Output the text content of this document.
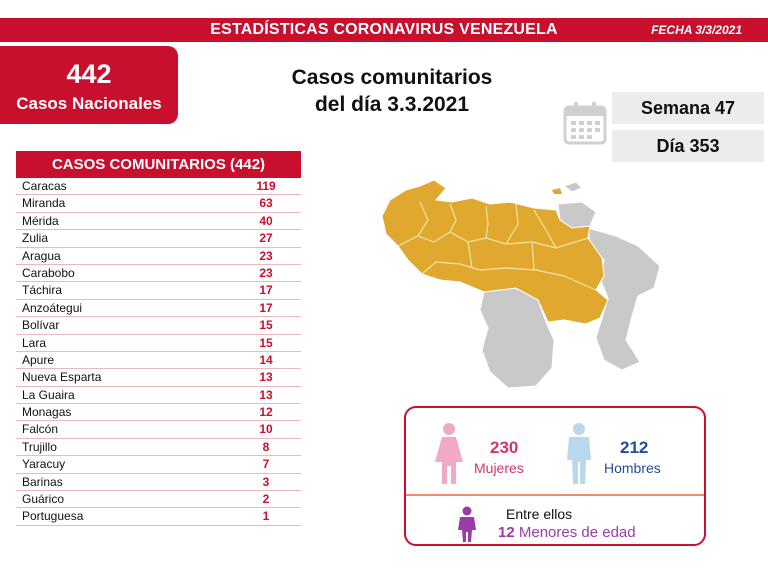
ESTADÍSTICAS CORONAVIRUS VENEZUELA	FECHA 3/3/2021
442
Casos Nacionales
Casos comunitarios
del día 3.3.2021	Semana 47
Día 353
CASOS COMUNITARIOS (442)
Caracas	119
Miranda	63
Mérida	40
Zulia	27
Aragua	23
Carabobo	23
Táchira	17
Anzoátegui	17
Bolívar	15
Lara	15
Apure	14
Nueva Esparta	13
La Guaira	13
Monagas	12
Falcón	10
Trujillo	8
Yaracuy	7
Barinas	3
Guárico	2
Portuguesa	1
230
Mujeres
212
Hombres
Entre ellos
12 Menores de edad
